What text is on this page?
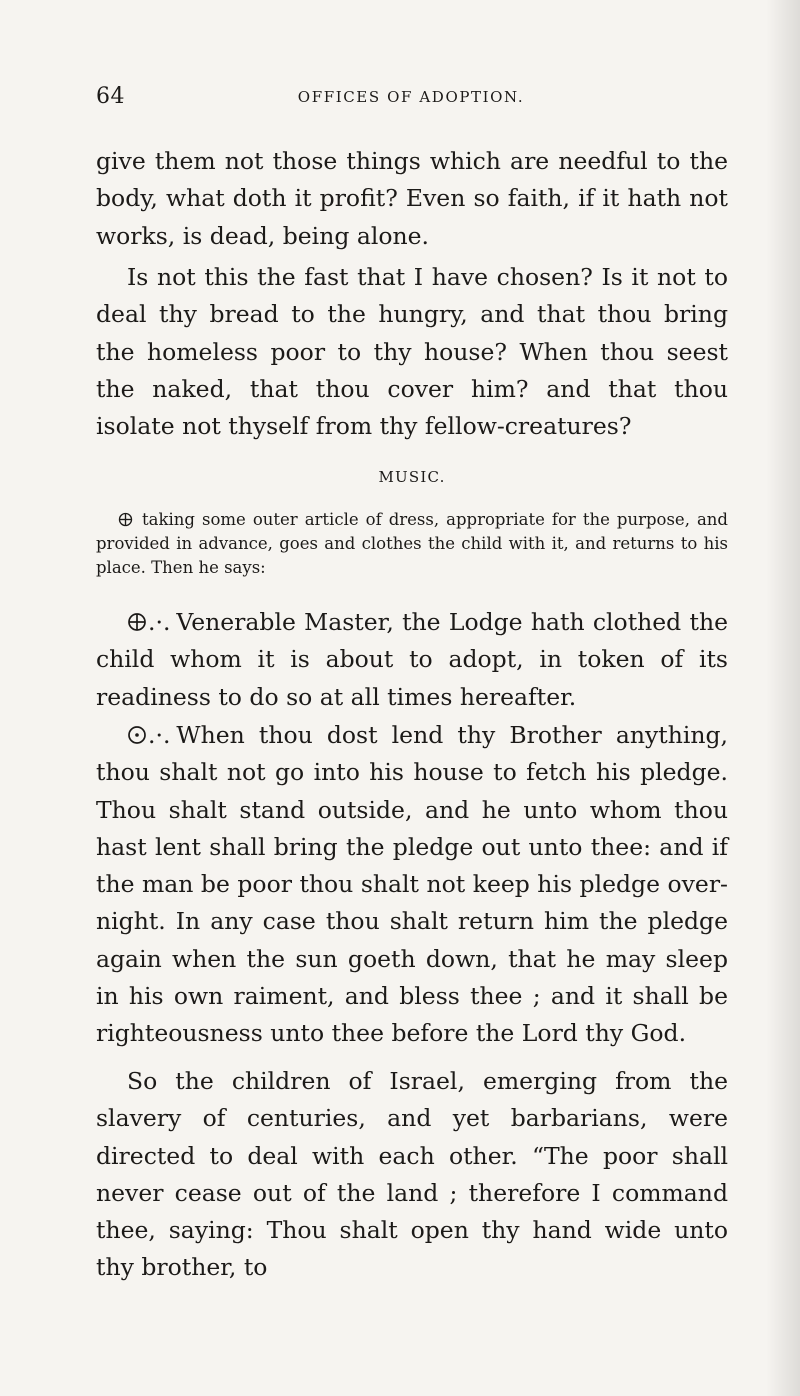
64	OFFICES OF ADOPTION.

give them not those things which are needful to the body, what doth it profit? Even so faith, if it hath not works, is dead, being alone.

Is not this the fast that I have chosen? Is it not to deal thy bread to the hungry, and that thou bring the homeless poor to thy house? When thou seest the naked, that thou cover him? and that thou isolate not thyself from thy fellow-creatures?

MUSIC.

taking some outer article of dress, appropriate for the purpose, and provided in advance, goes and clothes the child with it, and returns to his place. Then he says:

.·. Venerable Master, the Lodge hath clothed the child whom it is about to adopt, in token of its readiness to do so at all times hereafter.

.·. When thou dost lend thy Brother anything, thou shalt not go into his house to fetch his pledge. Thou shalt stand outside, and he unto whom thou hast lent shall bring the pledge out unto thee: and if the man be poor thou shalt not keep his pledge over-night. In any case thou shalt return him the pledge again when the sun goeth down, that he may sleep in his own raiment, and bless thee ; and it shall be righteousness unto thee before the Lord thy God.

So the children of Israel, emerging from the slavery of centuries, and yet barbarians, were directed to deal with each other. “The poor shall never cease out of the land ; therefore I command thee, saying: Thou shalt open thy hand wide unto thy brother, to
